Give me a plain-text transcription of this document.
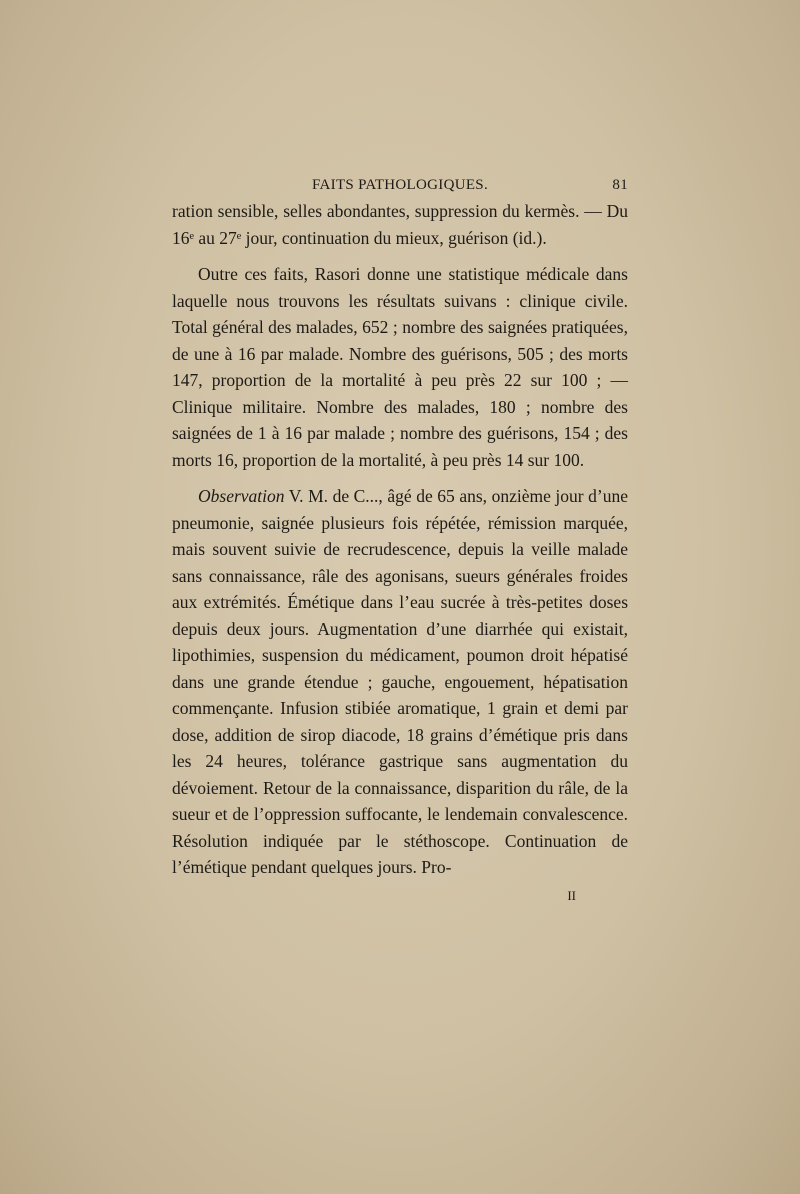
FAITS PATHOLOGIQUES.	81

ration sensible, selles abondantes, suppression du kermès. — Du 16ᵉ au 27ᵉ jour, continuation du mieux, guérison (id.).

Outre ces faits, Rasori donne une statistique médicale dans laquelle nous trouvons les résultats suivans : clinique civile. Total général des malades, 652 ; nombre des saignées pratiquées, de une à 16 par malade. Nombre des guérisons, 505 ; des morts 147, proportion de la mortalité à peu près 22 sur 100 ; — Clinique militaire. Nombre des malades, 180 ; nombre des saignées de 1 à 16 par malade ; nombre des guérisons, 154 ; des morts 16, proportion de la mortalité, à peu près 14 sur 100.

Observation V. M. de C..., âgé de 65 ans, onzième jour d’une pneumonie, saignée plusieurs fois répétée, rémission marquée, mais souvent suivie de recrudescence, depuis la veille malade sans connaissance, râle des agonisans, sueurs générales froides aux extrémités. Émétique dans l’eau sucrée à très-petites doses depuis deux jours. Augmentation d’une diarrhée qui existait, lipothimies, suspension du médicament, poumon droit hépatisé dans une grande étendue ; gauche, engouement, hépatisation commençante. Infusion stibiée aromatique, 1 grain et demi par dose, addition de sirop diacode, 18 grains d’émétique pris dans les 24 heures, tolérance gastrique sans augmentation du dévoiement. Retour de la connaissance, disparition du râle, de la sueur et de l’oppression suffocante, le lendemain convalescence. Résolution indiquée par le stéthoscope. Continuation de l’émétique pendant quelques jours. Pro-

II
